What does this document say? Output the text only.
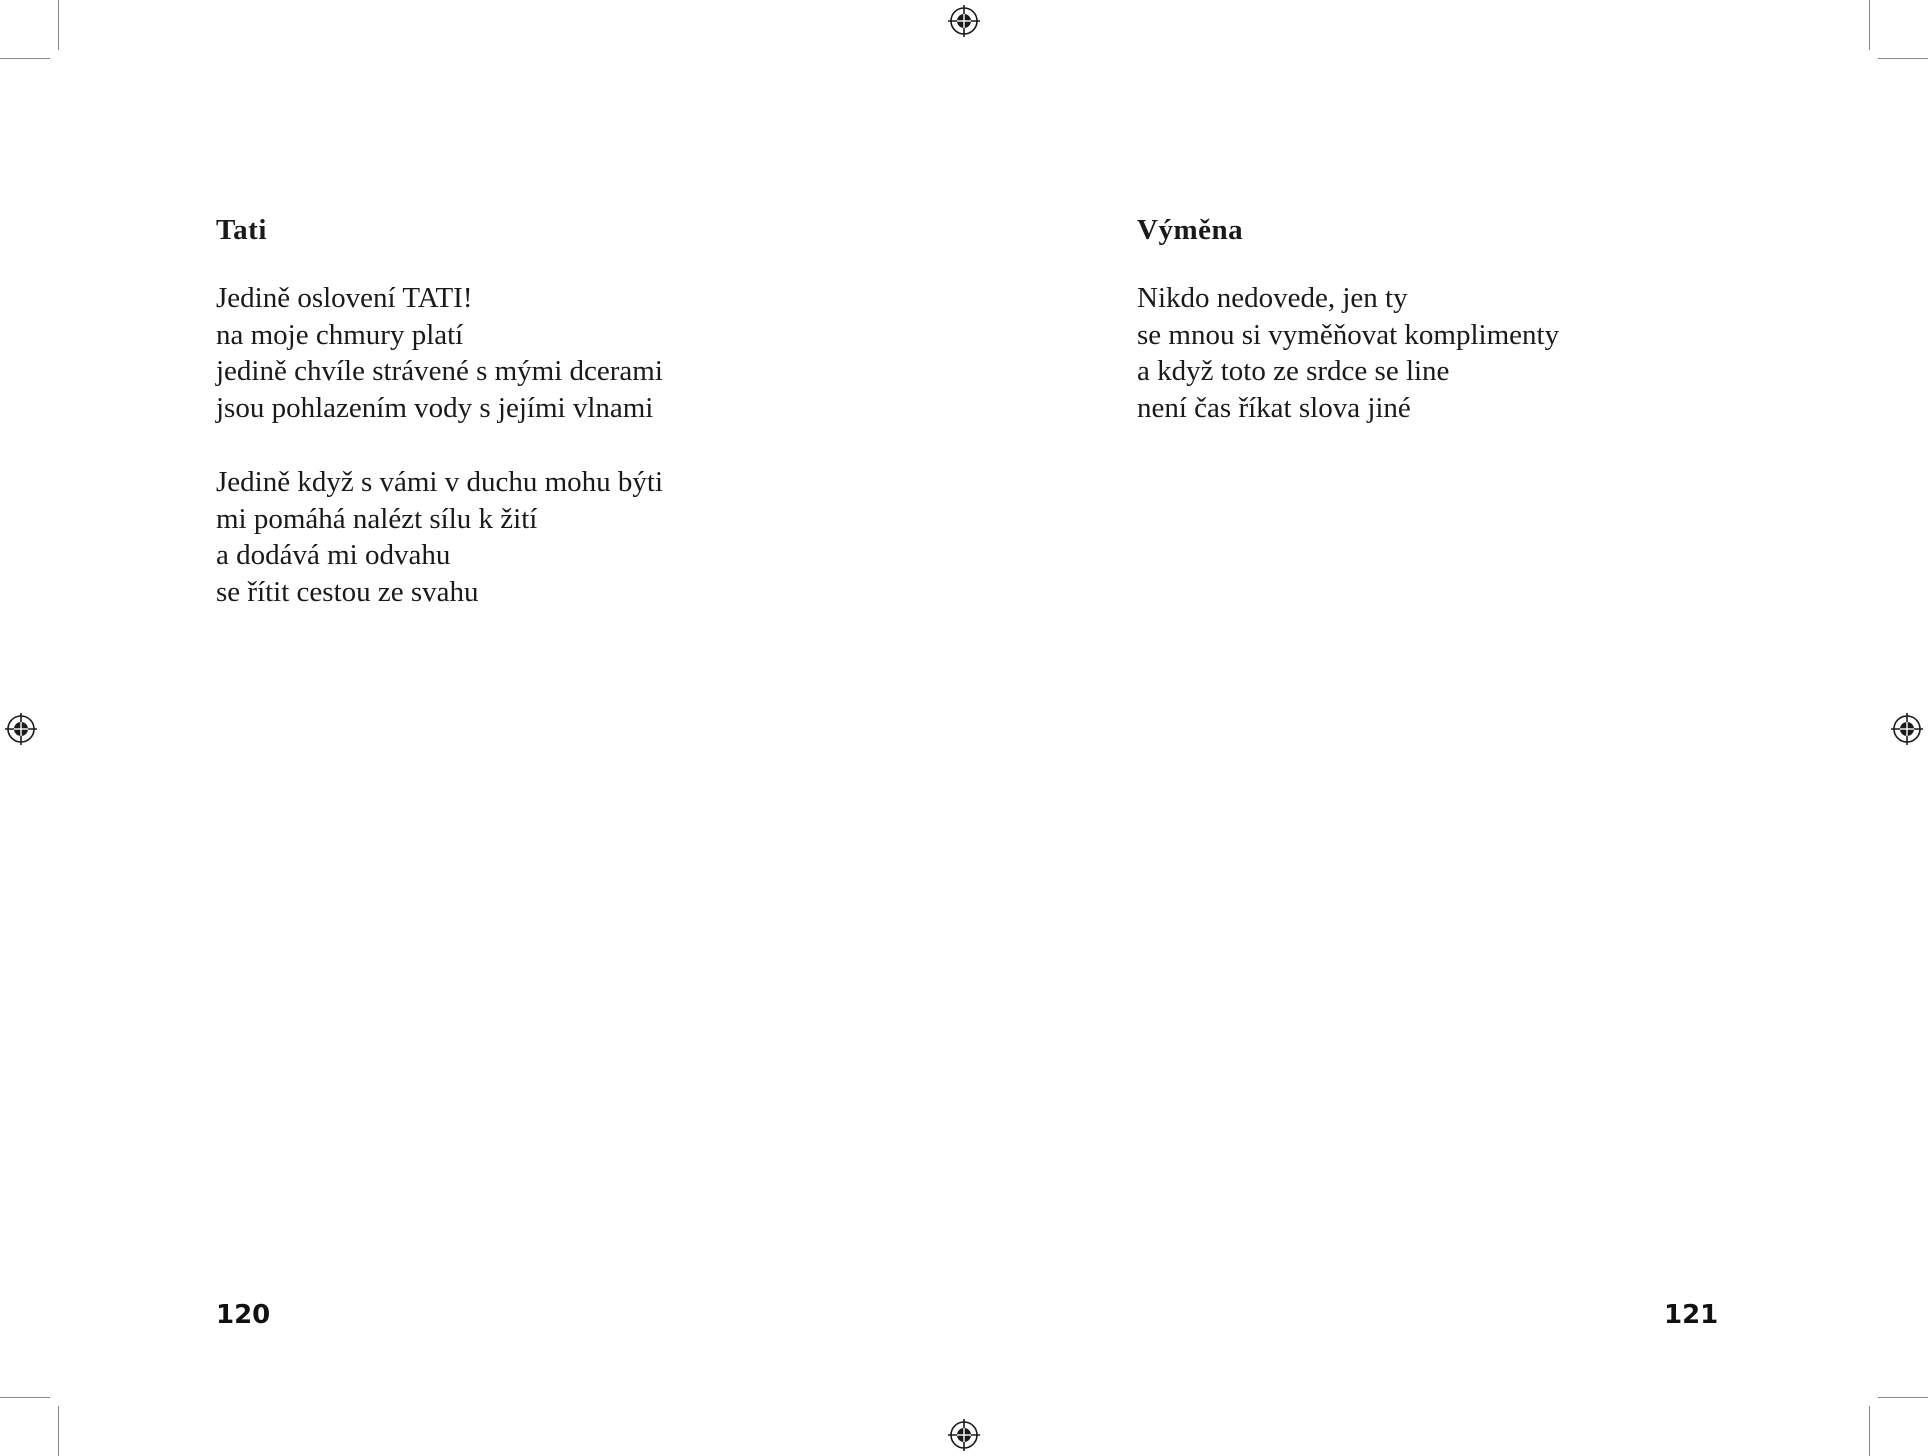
Tati
Jedině oslovení TATI!
na moje chmury platí
jedině chvíle strávené s mými dcerami
jsou pohlazením vody s jejími vlnami
Jedině když s vámi v duchu mohu býti
mi pomáhá nalézt sílu k žití
a dodává mi odvahu
se řítit cestou ze svahu
120
Výměna
Nikdo nedovede, jen ty
se mnou si vyměňovat komplimenty
a když toto ze srdce se line
není čas říkat slova jiné
121
